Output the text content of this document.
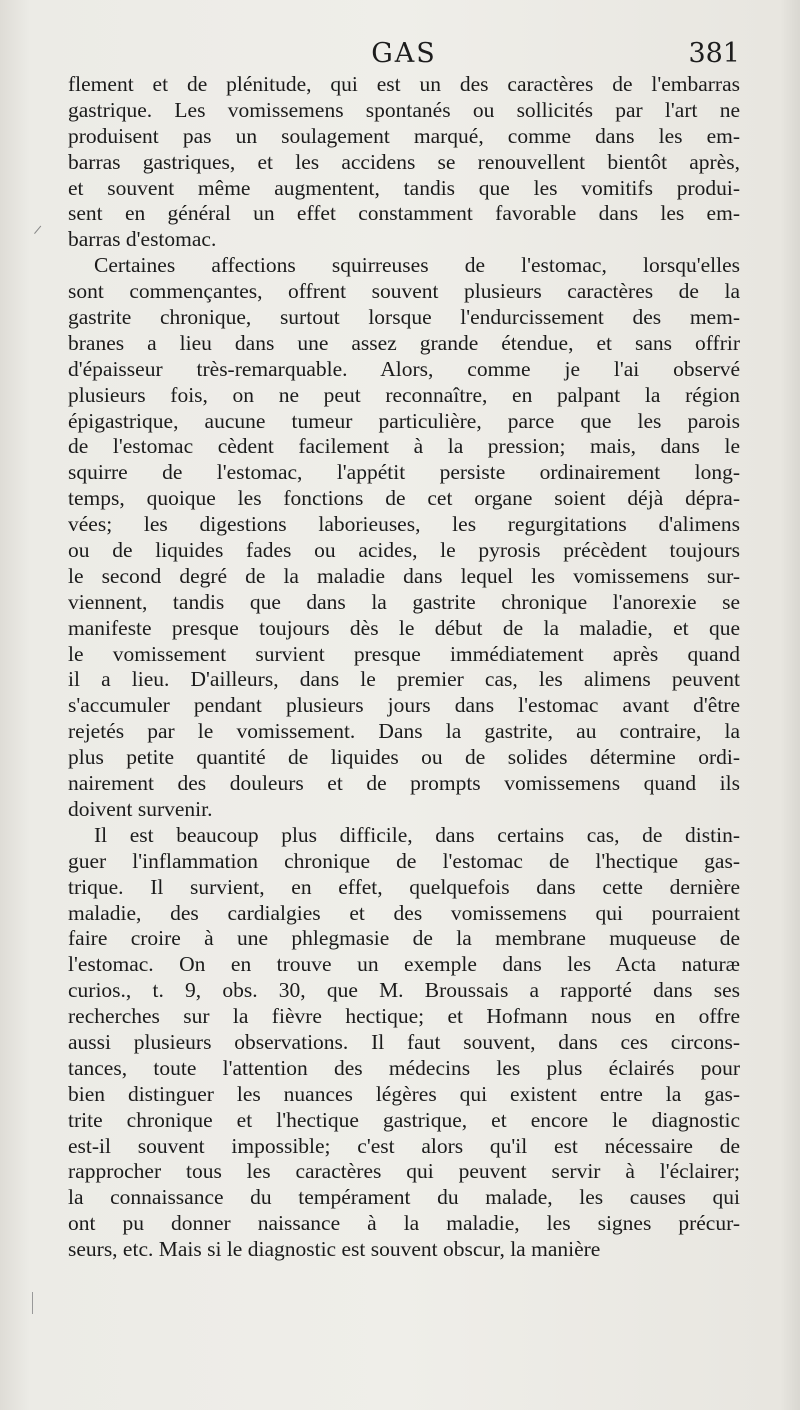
GAS	381
flement et de plénitude, qui est un des caractères de l'embarras
gastrique. Les vomissemens spontanés ou sollicités par l'art ne
produisent pas un soulagement marqué, comme dans les em-
barras gastriques, et les accidens se renouvellent bientôt après,
et souvent même augmentent, tandis que les vomitifs produi-
sent en général un effet constamment favorable dans les em-
barras d'estomac.
Certaines affections squirreuses de l'estomac, lorsqu'elles
sont commençantes, offrent souvent plusieurs caractères de la
gastrite chronique, surtout lorsque l'endurcissement des mem-
branes a lieu dans une assez grande étendue, et sans offrir
d'épaisseur très-remarquable. Alors, comme je l'ai observé
plusieurs fois, on ne peut reconnaître, en palpant la région
épigastrique, aucune tumeur particulière, parce que les parois
de l'estomac cèdent facilement à la pression; mais, dans le
squirre de l'estomac, l'appétit persiste ordinairement long-
temps, quoique les fonctions de cet organe soient déjà dépra-
vées; les digestions laborieuses, les regurgitations d'alimens
ou de liquides fades ou acides, le pyrosis précèdent toujours
le second degré de la maladie dans lequel les vomissemens sur-
viennent, tandis que dans la gastrite chronique l'anorexie se
manifeste presque toujours dès le début de la maladie, et que
le vomissement survient presque immédiatement après quand
il a lieu. D'ailleurs, dans le premier cas, les alimens peuvent
s'accumuler pendant plusieurs jours dans l'estomac avant d'être
rejetés par le vomissement. Dans la gastrite, au contraire, la
plus petite quantité de liquides ou de solides détermine ordi-
nairement des douleurs et de prompts vomissemens quand ils
doivent survenir.
Il est beaucoup plus difficile, dans certains cas, de distin-
guer l'inflammation chronique de l'estomac de l'hectique gas-
trique. Il survient, en effet, quelquefois dans cette dernière
maladie, des cardialgies et des vomissemens qui pourraient
faire croire à une phlegmasie de la membrane muqueuse de
l'estomac. On en trouve un exemple dans les Acta naturæ
curios., t. 9, obs. 30, que M. Broussais a rapporté dans ses
recherches sur la fièvre hectique; et Hofmann nous en offre
aussi plusieurs observations. Il faut souvent, dans ces circons-
tances, toute l'attention des médecins les plus éclairés pour
bien distinguer les nuances légères qui existent entre la gas-
trite chronique et l'hectique gastrique, et encore le diagnostic
est-il souvent impossible; c'est alors qu'il est nécessaire de
rapprocher tous les caractères qui peuvent servir à l'éclairer;
la connaissance du tempérament du malade, les causes qui
ont pu donner naissance à la maladie, les signes précur-
seurs, etc. Mais si le diagnostic est souvent obscur, la manière
